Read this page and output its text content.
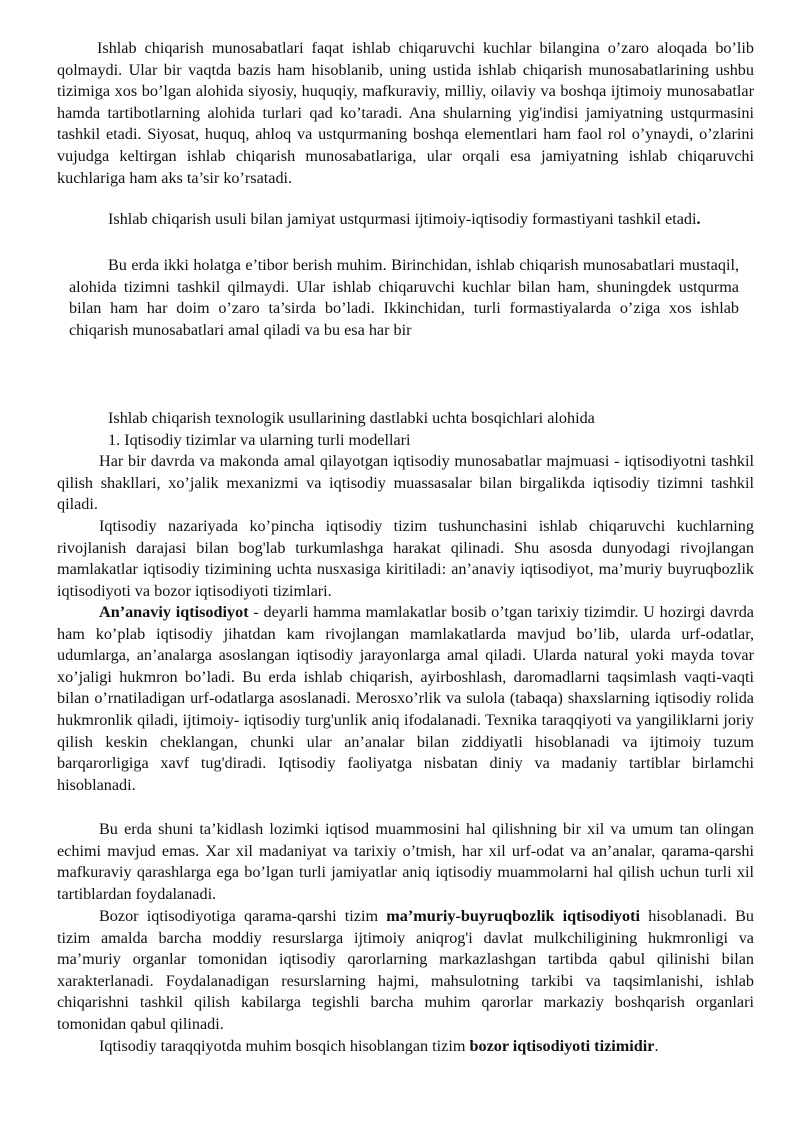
Ishlab chiqarish munosabatlari faqat ishlab chiqaruvchi kuchlar bilangina o’zaro aloqada bo’lib qolmaydi. Ular bir vaqtda bazis ham hisoblanib, uning ustida ishlab chiqarish munosabatlarining ushbu tizimiga xos bo’lgan alohida siyosiy, huquqiy, mafkuraviy, milliy, oilaviy va boshqa ijtimoiy munosabatlar hamda tartibotlarning alohida turlari qad ko’taradi. Ana shularning yig'indisi jamiyatning ustqurmasini tashkil etadi. Siyosat, huquq, ahloq va ustqurmaning boshqa elementlari ham faol rol o’ynaydi, o’zlarini vujudga keltirgan ishlab chiqarish munosabatlariga, ular orqali esa jamiyatning ishlab chiqaruvchi kuchlariga ham aks ta’sir ko’rsatadi.

Ishlab chiqarish usuli bilan jamiyat ustqurmasi ijtimoiy-iqtisodiy formastiyani tashkil etadi.

Bu erda ikki holatga e’tibor berish muhim. Birinchidan, ishlab chiqarish munosabatlari mustaqil, alohida tizimni tashkil qilmaydi. Ular ishlab chiqaruvchi kuchlar bilan ham, shuningdek ustqurma bilan ham har doim o’zaro ta’sirda bo’ladi. Ikkinchidan, turli formastiyalarda o’ziga xos ishlab chiqarish munosabatlari amal qiladi va bu esa har bir

Ishlab chiqarish texnologik usullarining dastlabki uchta bosqichlari alohida

1. Iqtisodiy tizimlar va ularning turli modellari

Har bir davrda va makonda amal qilayotgan iqtisodiy munosabatlar majmuasi - iqtisodiyotni tashkil qilish shakllari, xo’jalik mexanizmi va iqtisodiy muassasalar bilan birgalikda iqtisodiy tizimni tashkil qiladi.

Iqtisodiy nazariyada ko’pincha iqtisodiy tizim tushunchasini ishlab chiqaruvchi kuchlarning rivojlanish darajasi bilan bog'lab turkumlashga harakat qilinadi. Shu asosda dunyodagi rivojlangan mamlakatlar iqtisodiy tizimining uchta nusxasiga kiritiladi: an’anaviy iqtisodiyot, ma’muriy buyruqbozlik iqtisodiyoti va bozor iqtisodiyoti tizimlari.

An’anaviy iqtisodiyot - deyarli hamma mamlakatlar bosib o’tgan tarixiy tizimdir. U hozirgi davrda ham ko’plab iqtisodiy jihatdan kam rivojlangan mamlakatlarda mavjud bo’lib, ularda urf-odatlar, udumlarga, an’analarga asoslangan iqtisodiy jarayonlarga amal qiladi. Ularda natural yoki mayda tovar xo’jaligi hukmron bo’ladi. Bu erda ishlab chiqarish, ayirboshlash, daromadlarni taqsimlash vaqti-vaqti bilan o’rnatiladigan urf-odatlarga asoslanadi. Merosxo’rlik va sulola (tabaqa) shaxslarning iqtisodiy rolida hukmronlik qiladi, ijtimoiy- iqtisodiy turg'unlik aniq ifodalanadi. Texnika taraqqiyoti va yangiliklarni joriy qilish keskin cheklangan, chunki ular an’analar bilan ziddiyatli hisoblanadi va ijtimoiy tuzum barqarorligiga xavf tug'diradi. Iqtisodiy faoliyatga nisbatan diniy va madaniy tartiblar birlamchi hisoblanadi.

Bu erda shuni ta’kidlash lozimki iqtisod muammosini hal qilishning bir xil va umum tan olingan echimi mavjud emas. Xar xil madaniyat va tarixiy o’tmish, har xil urf-odat va an’analar, qarama-qarshi mafkuraviy qarashlarga ega bo’lgan turli jamiyatlar aniq iqtisodiy muammolarni hal qilish uchun turli xil tartiblardan foydalanadi.

Bozor iqtisodiyotiga qarama-qarshi tizim ma’muriy-buyruqbozlik iqtisodiyoti hisoblanadi. Bu tizim amalda barcha moddiy resurslarga ijtimoiy aniqrog'i davlat mulkchiligining hukmronligi va ma’muriy organlar tomonidan iqtisodiy qarorlarning markazlashgan tartibda qabul qilinishi bilan xarakterlanadi. Foydalanadigan resurslarning hajmi, mahsulotning tarkibi va taqsimlanishi, ishlab chiqarishni tashkil qilish kabilarga tegishli barcha muhim qarorlar markaziy boshqarish organlari tomonidan qabul qilinadi.

Iqtisodiy taraqqiyotda muhim bosqich hisoblangan tizim bozor iqtisodiyoti tizimidir.
